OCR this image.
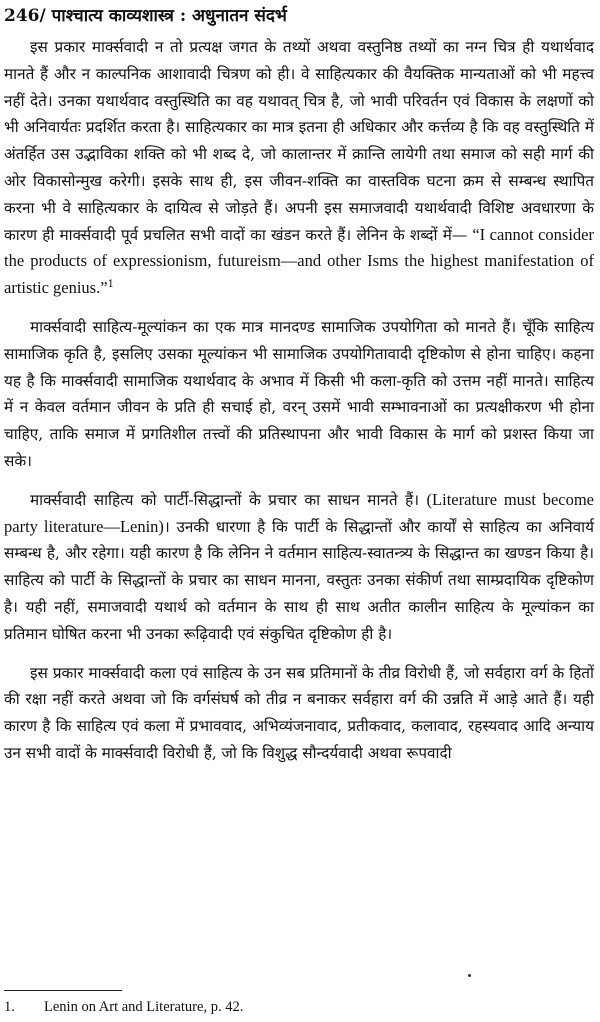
246/ पाश्चात्य काव्यशास्त्र : अधुनातन संदर्भ

इस प्रकार मार्क्सवादी न तो प्रत्यक्ष जगत के तथ्यों अथवा वस्तुनिष्ठ तथ्यों का नग्न चित्र ही यथार्थवाद मानते हैं और न काल्पनिक आशावादी चित्रण को ही। वे साहित्यकार की वैयक्तिक मान्यताओं को भी महत्त्व नहीं देते। उनका यथार्थवाद वस्तुस्थिति का वह यथावत् चित्र है, जो भावी परिवर्तन एवं विकास के लक्षणों को भी अनिवार्यतः प्रदर्शित करता है। साहित्यकार का मात्र इतना ही अधिकार और कर्त्तव्य है कि वह वस्तुस्थिति में अंतर्हित उस उद्भाविका शक्ति को भी शब्द दे, जो कालान्तर में क्रान्ति लायेगी तथा समाज को सही मार्ग की ओर विकासोन्मुख करेगी। इसके साथ ही, इस जीवन-शक्ति का वास्तविक घटना क्रम से सम्बन्ध स्थापित करना भी वे साहित्यकार के दायित्व से जोड़ते हैं। अपनी इस समाजवादी यथार्थवादी विशिष्ट अवधारणा के कारण ही मार्क्सवादी पूर्व प्रचलित सभी वादों का खंडन करते हैं। लेनिन के शब्दों में— “I cannot consider the products of expressionism, futureism—and other Isms the highest manifestation of artistic genius.”$^1$

मार्क्सवादी साहित्य-मूल्यांकन का एक मात्र मानदण्ड सामाजिक उपयोगिता को मानते हैं। चूँकि साहित्य सामाजिक कृति है, इसलिए उसका मूल्यांकन भी सामाजिक उपयोगितावादी दृष्टिकोण से होना चाहिए। कहना यह है कि मार्क्सवादी सामाजिक यथार्थवाद के अभाव में किसी भी कला-कृति को उत्तम नहीं मानते। साहित्य में न केवल वर्तमान जीवन के प्रति ही सचाई हो, वरन् उसमें भावी सम्भावनाओं का प्रत्यक्षीकरण भी होना चाहिए, ताकि समाज में प्रगतिशील तत्त्वों की प्रतिस्थापना और भावी विकास के मार्ग को प्रशस्त किया जा सके।

मार्क्सवादी साहित्य को पार्टी-सिद्धान्तों के प्रचार का साधन मानते हैं। (Literature must become party literature—Lenin)। उनकी धारणा है कि पार्टी के सिद्धान्तों और कार्यों से साहित्य का अनिवार्य सम्बन्ध है, और रहेगा। यही कारण है कि लेनिन ने वर्तमान साहित्य-स्वातन्त्र्य के सिद्धान्त का खण्डन किया है। साहित्य को पार्टी के सिद्धान्तों के प्रचार का साधन मानना, वस्तुतः उनका संकीर्ण तथा साम्प्रदायिक दृष्टिकोण है। यही नहीं, समाजवादी यथार्थ को वर्तमान के साथ ही साथ अतीत कालीन साहित्य के मूल्यांकन का प्रतिमान घोषित करना भी उनका रूढ़िवादी एवं संकुचित दृष्टिकोण ही है।

इस प्रकार मार्क्सवादी कला एवं साहित्य के उन सब प्रतिमानों के तीव्र विरोधी हैं, जो सर्वहारा वर्ग के हितों की रक्षा नहीं करते अथवा जो कि वर्गसंघर्ष को तीव्र न बनाकर सर्वहारा वर्ग की उन्नति में आड़े आते हैं। यही कारण है कि साहित्य एवं कला में प्रभाववाद, अभिव्यंजनावाद, प्रतीकवाद, कलावाद, रहस्यवाद आदि अन्याय उन सभी वादों के मार्क्सवादी विरोधी हैं, जो कि विशुद्ध सौन्दर्यवादी अथवा रूपवादी

1. Lenin on Art and Literature, p. 42.
